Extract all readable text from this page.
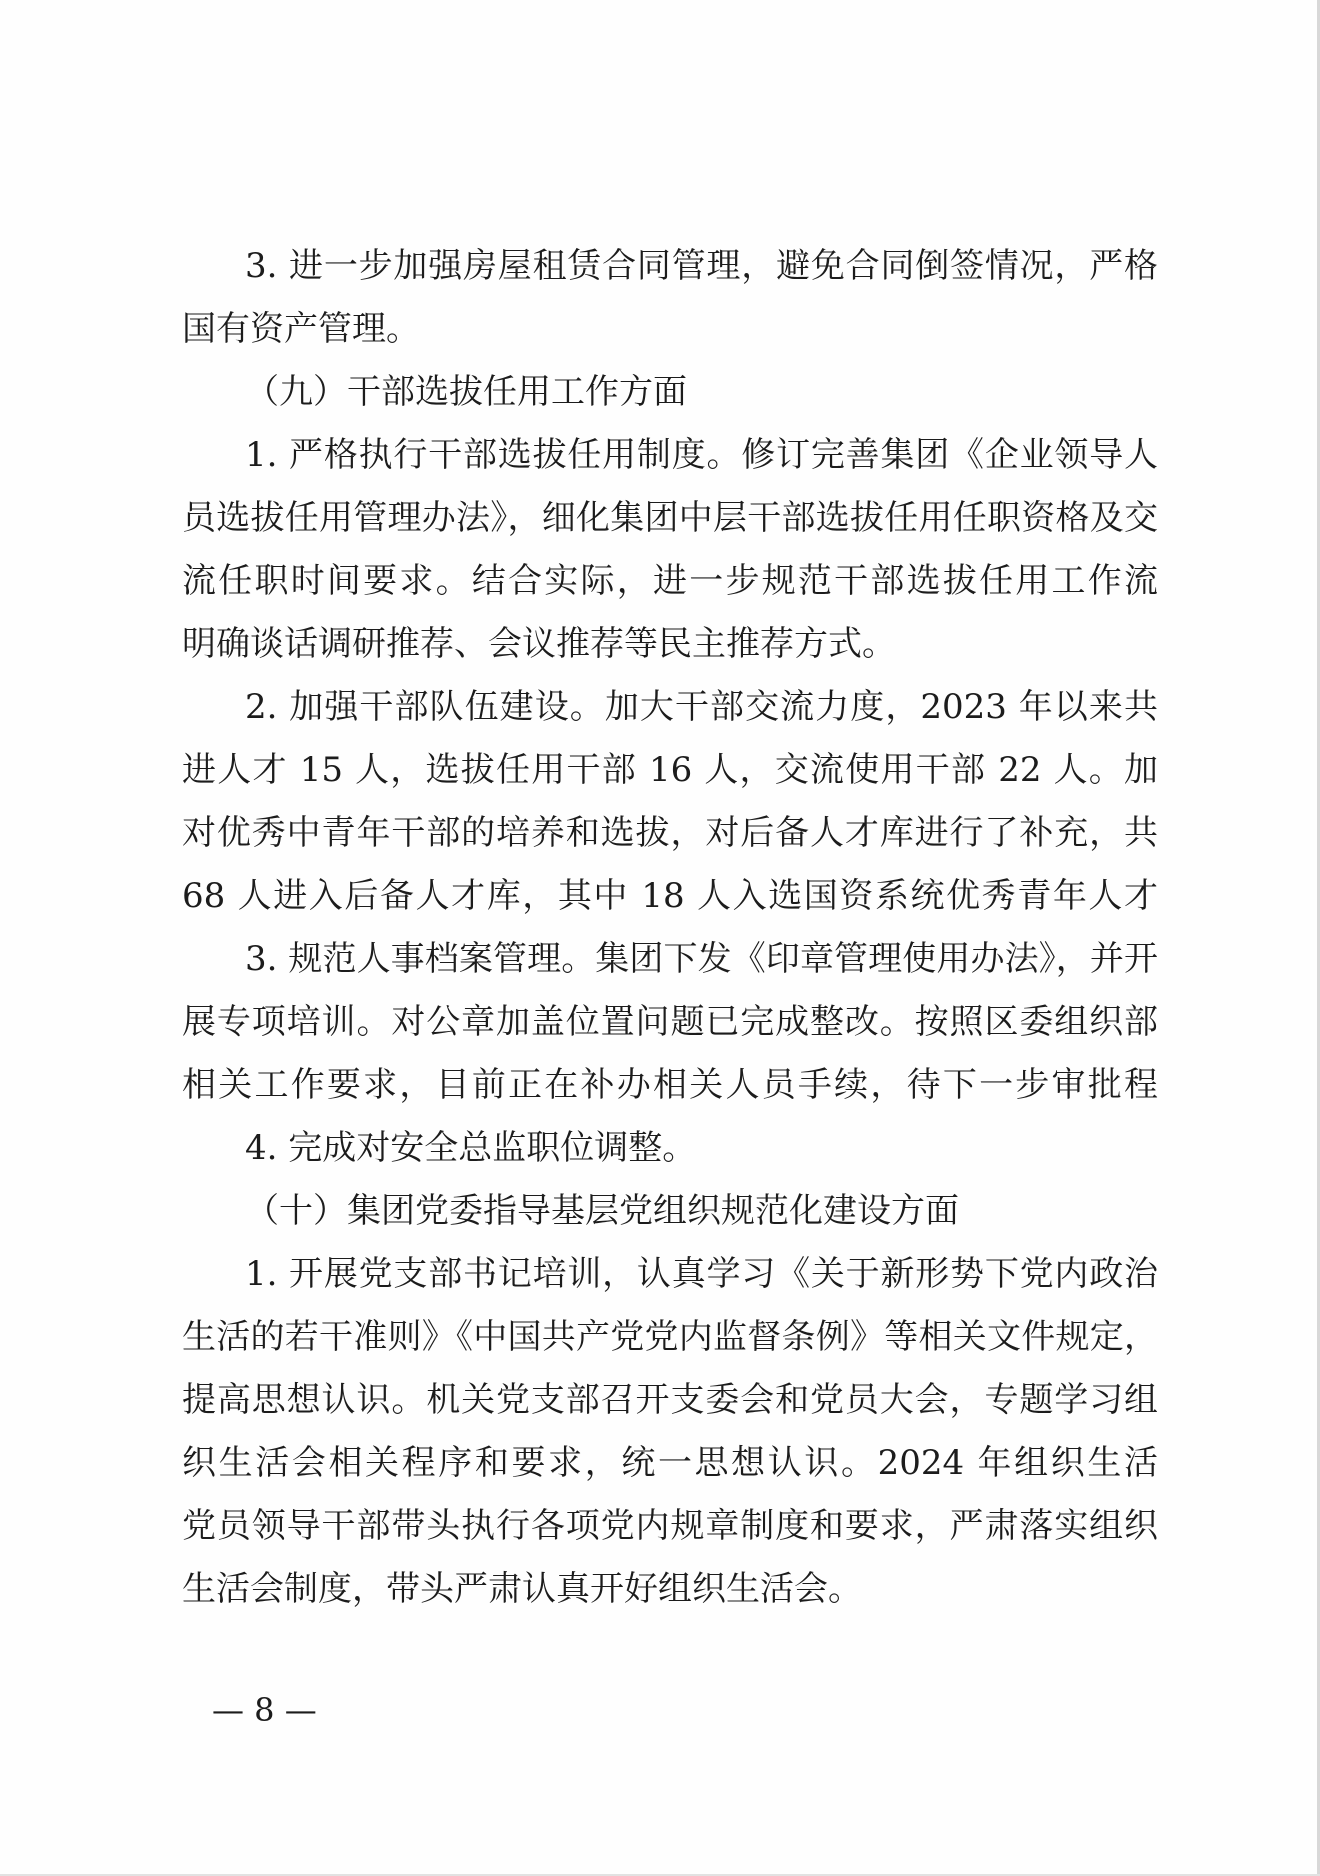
3. 进一步加强房屋租赁合同管理，避免合同倒签情况，严格
国有资产管理。
（九）干部选拔任用工作方面
1. 严格执行干部选拔任用制度。修订完善集团《企业领导人
员选拔任用管理办法》，细化集团中层干部选拔任用任职资格及交
流任职时间要求。结合实际，进一步规范干部选拔任用工作流
明确谈话调研推荐、会议推荐等民主推荐方式。
2. 加强干部队伍建设。加大干部交流力度，2023 年以来共
进人才 15 人，选拔任用干部 16 人，交流使用干部 22 人。加
对优秀中青年干部的培养和选拔，对后备人才库进行了补充，共
68 人进入后备人才库，其中 18 人入选国资系统优秀青年人才
3. 规范人事档案管理。集团下发《印章管理使用办法》，并开
展专项培训。对公章加盖位置问题已完成整改。按照区委组织部
相关工作要求，目前正在补办相关人员手续，待下一步审批程
4. 完成对安全总监职位调整。
（十）集团党委指导基层党组织规范化建设方面
1. 开展党支部书记培训，认真学习《关于新形势下党内政治
生活的若干准则》《中国共产党党内监督条例》等相关文件规定，
提高思想认识。机关党支部召开支委会和党员大会，专题学习组
织生活会相关程序和要求，统一思想认识。2024 年组织生活
党员领导干部带头执行各项党内规章制度和要求，严肃落实组织
生活会制度，带头严肃认真开好组织生活会。
— 8 —
